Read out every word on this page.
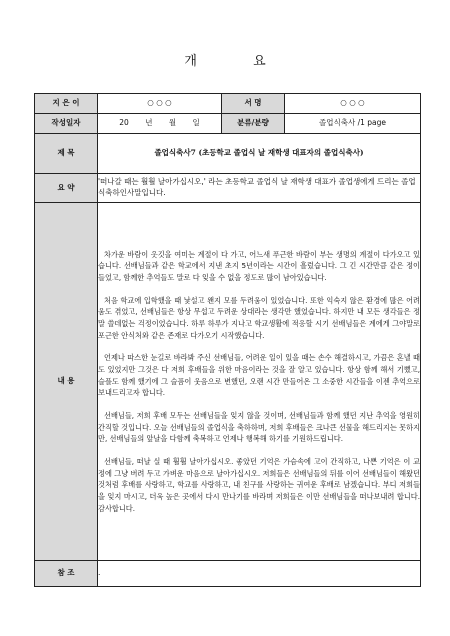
개 요
지 은 이	○ ○ ○	서 명	○ ○ ○
작성일자	20 년 월 일	분류/분량	졸업식축사 /1 page
제 목	졸업식축사7 (초등학교 졸업식 날 재학생 대표자의 졸업식축사)		
요 약	'떠나갈 때는 훨훨 날아가십시오,' 라는 초등학교 졸업식 날 재학생 대표가 졸업생에게 드리는 졸업식축하인사말입니다.		
내 용	차가운 바람이 옷깃을 여미는 계절이 다 가고, 어느새 푸근한 바람이 부는 생명의 계절이 다가오고 있습니다. 선배님들과 같은 학교에서 지낸 초지 5년이라는 시간이 흘렀습니다. 그 긴 시간만큼 같은 정이 들었고, 함께한 추억들도 말로 다 잊을 수 없을 정도로 많이 남아있습니다.

처음 학교에 입학했을 때 낯설고 왠지 모를 두려움이 있었습니다. 또한 익숙지 않은 환경에 많은 어려움도 겪었고, 선배님들은 항상 무섭고 두려운 상대라는 생각만 했었습니다. 하지만 내 모든 생각들은 정말 쓸데없는 걱정이었습니다. 하루 하루가 지나고 학교생활에 적응할 시기 선배님들은 계에게 그야말로 포근한 안식처와 같은 존재로 다가오기 시작했습니다.

언제나 따스한 눈길로 바라봐 주신 선배님들, 어려운 일이 있을 때는 손수 해결하시고, 가끔은 혼낼 때도 있었지만 그것은 다 저희 후배들을 위한 마음이라는 것을 잘 알고 있습니다. 항상 함께 해서 기뻤고, 슬플도 함께 했기에 그 슬픔이 웃음으로 변했던, 오랜 시간 만들어온 그 소중한 시간들을 이젠 추억으로 보내드리고자 합니다.

선배님들, 저희 후배 모두는 선배님들을 잊지 않을 것이며, 선배님들과 함께 했던 지난 추억을 영원히 간직할 것입니다. 오늘 선배님들의 졸업식을 축하하며, 저희 후배들은 크나큰 선물을 해드리지는 못하지만, 선배님들의 앞날을 다함께 축복하고 언제나 행복해 하기를 기원하드립니다.

선배님들, 떠날 실 때 훨훨 날아가십시오. 좋았던 기억은 가슴속에 고이 간직하고, 나쁜 기억은 이 교정에 그냥 버려 두고 가벼운 마음으로 날아가십시오. 저희들은 선배님들의 뒤를 이어 선배님들이 해왔던 것처럼 후배를 사랑하고, 학교를 사랑하고, 내 친구를 사랑하는 귀여운 후배로 남겠습니다. 부디 저희들을 잊지 마시고, 더욱 높은 곳에서 다시 만나기를 바라며 저희들은 이만 선배님들을 떠나보내려 합니다. 감사합니다.		

참 조	.		
